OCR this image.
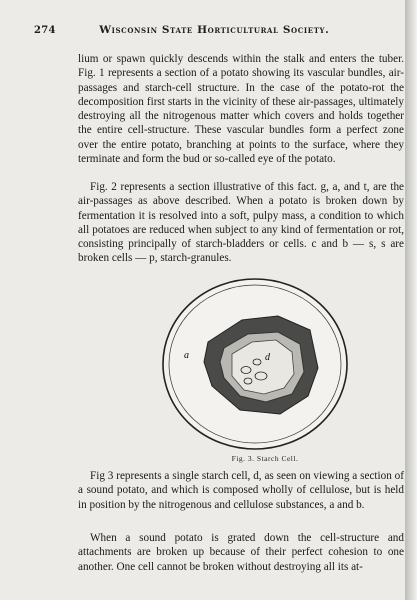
274	Wisconsin State Horticultural Society.

lium or spawn quickly descends within the stalk and enters the tuber. Fig. 1 represents a section of a potato showing its vascular bundles, air-passages and starch-cell structure. In the case of the potato-rot the decomposition first starts in the vicinity of these air-passages, ultimately destroying all the nitrogenous matter which covers and holds together the entire cell-structure. These vascular bundles form a perfect zone over the entire potato, branching at points to the surface, where they terminate and form the bud or so-called eye of the potato.

Fig. 2 represents a section illustrative of this fact. g, a, and t, are the air-passages as above described. When a potato is broken down by fermentation it is resolved into a soft, pulpy mass, a condition to which all potatoes are reduced when subject to any kind of fermentation or rot, consisting principally of starch-bladders or cells. c and b — s, s are broken cells — p, starch-granules.

a	d
Fig. 3. Starch Cell.

Fig 3 represents a single starch cell, d, as seen on viewing a section of a sound potato, and which is composed wholly of cellulose, but is held in position by the nitrogenous and cellulose substances, a and b.

When a sound potato is grated down the cell-structure and attachments are broken up because of their perfect cohesion to one another. One cell cannot be broken without destroying all its at-
